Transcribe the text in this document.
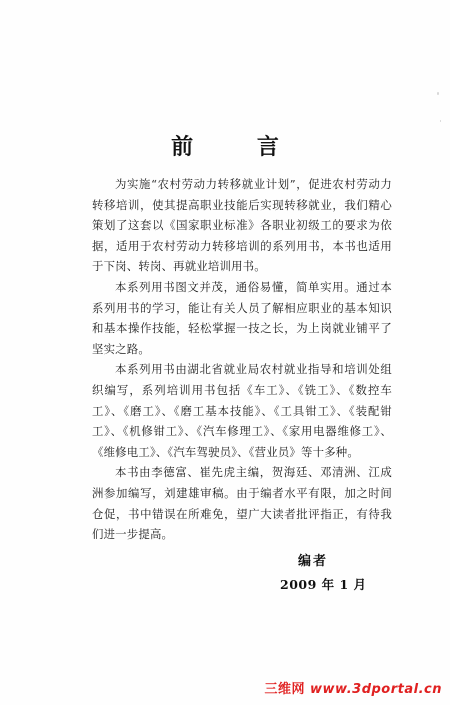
前 言

为实施“农村劳动力转移就业计划”，促进农村劳动力转移培训，使其提高职业技能后实现转移就业，我们精心策划了这套以《国家职业标准》各职业初级工的要求为依据，适用于农村劳动力转移培训的系列用书，本书也适用于下岗、转岗、再就业培训用书。

本系列用书图文并茂，通俗易懂，简单实用。通过本系列用书的学习，能让有关人员了解相应职业的基本知识和基本操作技能，轻松掌握一技之长，为上岗就业铺平了坚实之路。

本系列用书由湖北省就业局农村就业指导和培训处组织编写，系列培训用书包括《车工》、《铣工》、《数控车工》、《磨工》、《磨工基本技能》、《工具钳工》、《装配钳工》、《机修钳工》、《汽车修理工》、《家用电器维修工》、《维修电工》、《汽车驾驶员》、《营业员》等十多种。

本书由李德富、崔先虎主编，贺海廷、邓清洲、江成洲参加编写，刘建雄审稿。由于编者水平有限，加之时间仓促，书中错误在所难免，望广大读者批评指正，有待我们进一步提高。

编者
2009 年 1 月
三维网 www.3dportal.cn
